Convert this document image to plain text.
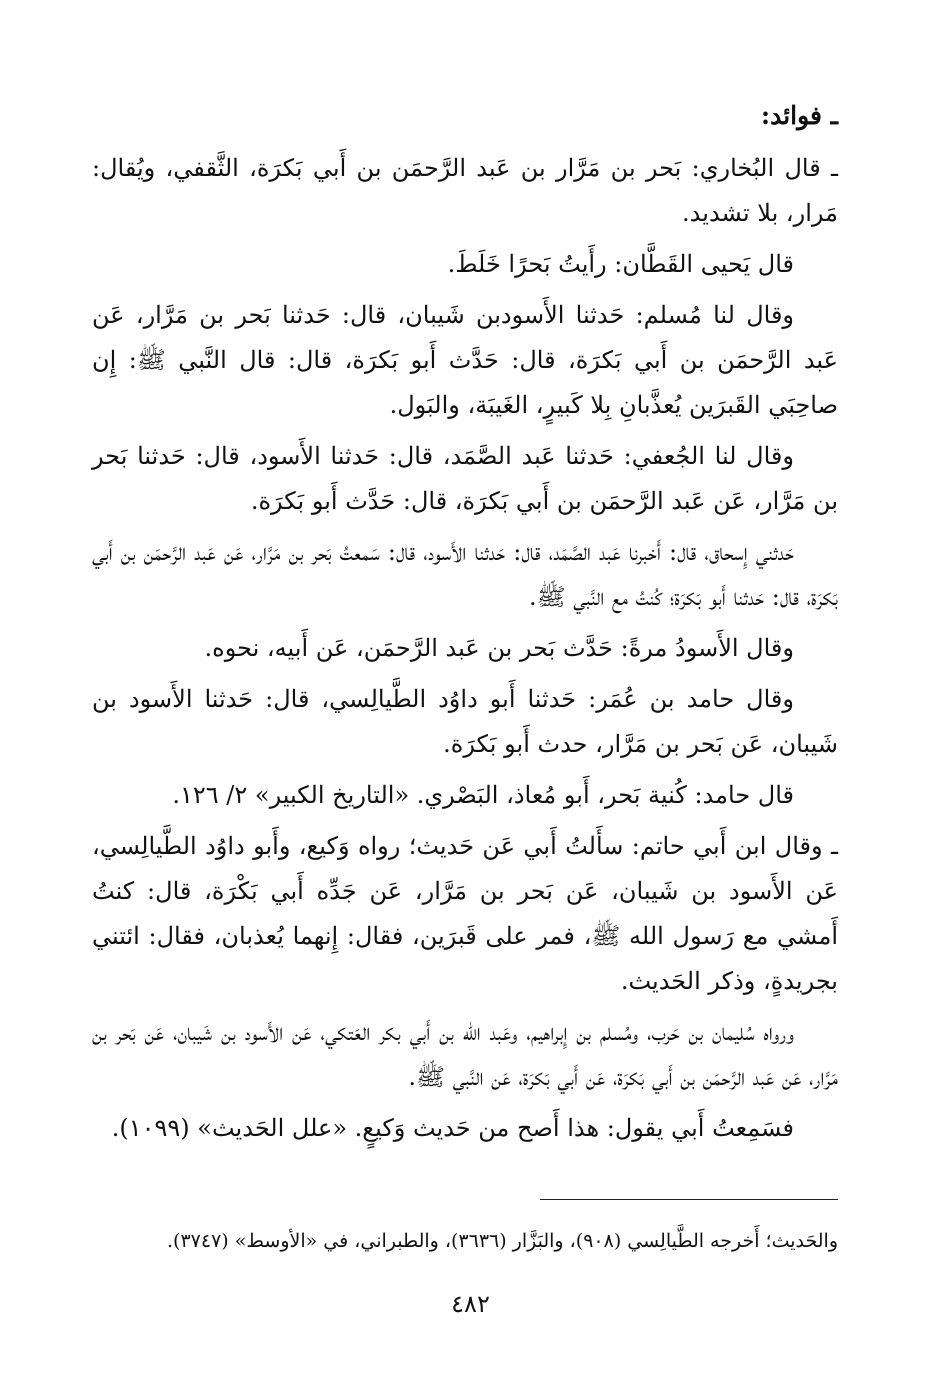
ـ فوائد:

ـ قال البُخاري: بَحر بن مَرَّار بن عَبد الرَّحمَن بن أَبي بَكرَة، الثَّقفي، ويُقال: مَرار، بلا تشديد.

قال يَحيى القَطَّان: رأَيتُ بَحرًا خَلَطَ.

وقال لنا مُسلم: حَدثنا الأَسودبن شَيبان، قال: حَدثنا بَحر بن مَرَّار، عَن عَبد الرَّحمَن بن أَبي بَكرَة، قال: حَدَّث أَبو بَكرَة، قال: قال النَّبي ﷺ: إِن صاحِبَي القَبرَين يُعذَّبانِ بِلا كَبيرٍ، الغَيبَة، والبَول.

وقال لنا الجُعفي: حَدثنا عَبد الصَّمَد، قال: حَدثنا الأَسود، قال: حَدثنا بَحر بن مَرَّار، عَن عَبد الرَّحمَن بن أَبي بَكرَة، قال: حَدَّث أَبو بَكرَة.

حَدثني إِسحاق، قال: أَخبرنا عَبد الصَّمَد، قال: حَدثنا الأَسود، قال: سَمعتُ بَحر بن مَرَّار، عَن عَبد الرَّحمَن بن أَبي بَكرَة، قال: حَدثنا أَبو بَكرَة؛ كُنتُ مع النَّبي ﷺ.

وقال الأَسودُ مرةً: حَدَّث بَحر بن عَبد الرَّحمَن، عَن أَبيه، نحوه.

وقال حامد بن عُمَر: حَدثنا أَبو داوُد الطَّيالِسي، قال: حَدثنا الأَسود بن شَيبان، عَن بَحر بن مَرَّار، حدث أَبو بَكرَة.

قال حامد: كُنية بَحر، أَبو مُعاذ، البَصْري. «التاريخ الكبير» ٢/ ١٢٦.

ـ وقال ابن أَبي حاتم: سأَلتُ أَبي عَن حَديث؛ رواه وَكيع، وأَبو داوُد الطَّيالِسي، عَن الأَسود بن شَيبان، عَن بَحر بن مَرَّار، عَن جَدِّه أَبي بَكْرَة، قال: كنتُ أَمشي مع رَسول الله ﷺ، فمر على قَبرَين، فقال: إِنهما يُعذبان، فقال: ائتني بجريدةٍ، وذكر الحَديث.

ورواه سُليمان بن حَرب، ومُسلم بن إِبراهيم، وعَبد الله بن أَبي بكر العَتكي، عَن الأَسود بن شَيبان، عَن بَحر بن مَرَّار، عَن عَبد الرَّحمَن بن أَبي بَكرَة، عَن أَبي بَكرَة، عَن النَّبي ﷺ.

فسَمِعتُ أَبي يقول: هذا أَصح من حَديث وَكيعٍ. «علل الحَديث» (١٠٩٩).

والحَديث؛ أَخرجه الطَّيالِسي (٩٠٨)، والبَزَّار (٣٦٣٦)، والطبراني، في «الأوسط» (٣٧٤٧).
٤٨٢
